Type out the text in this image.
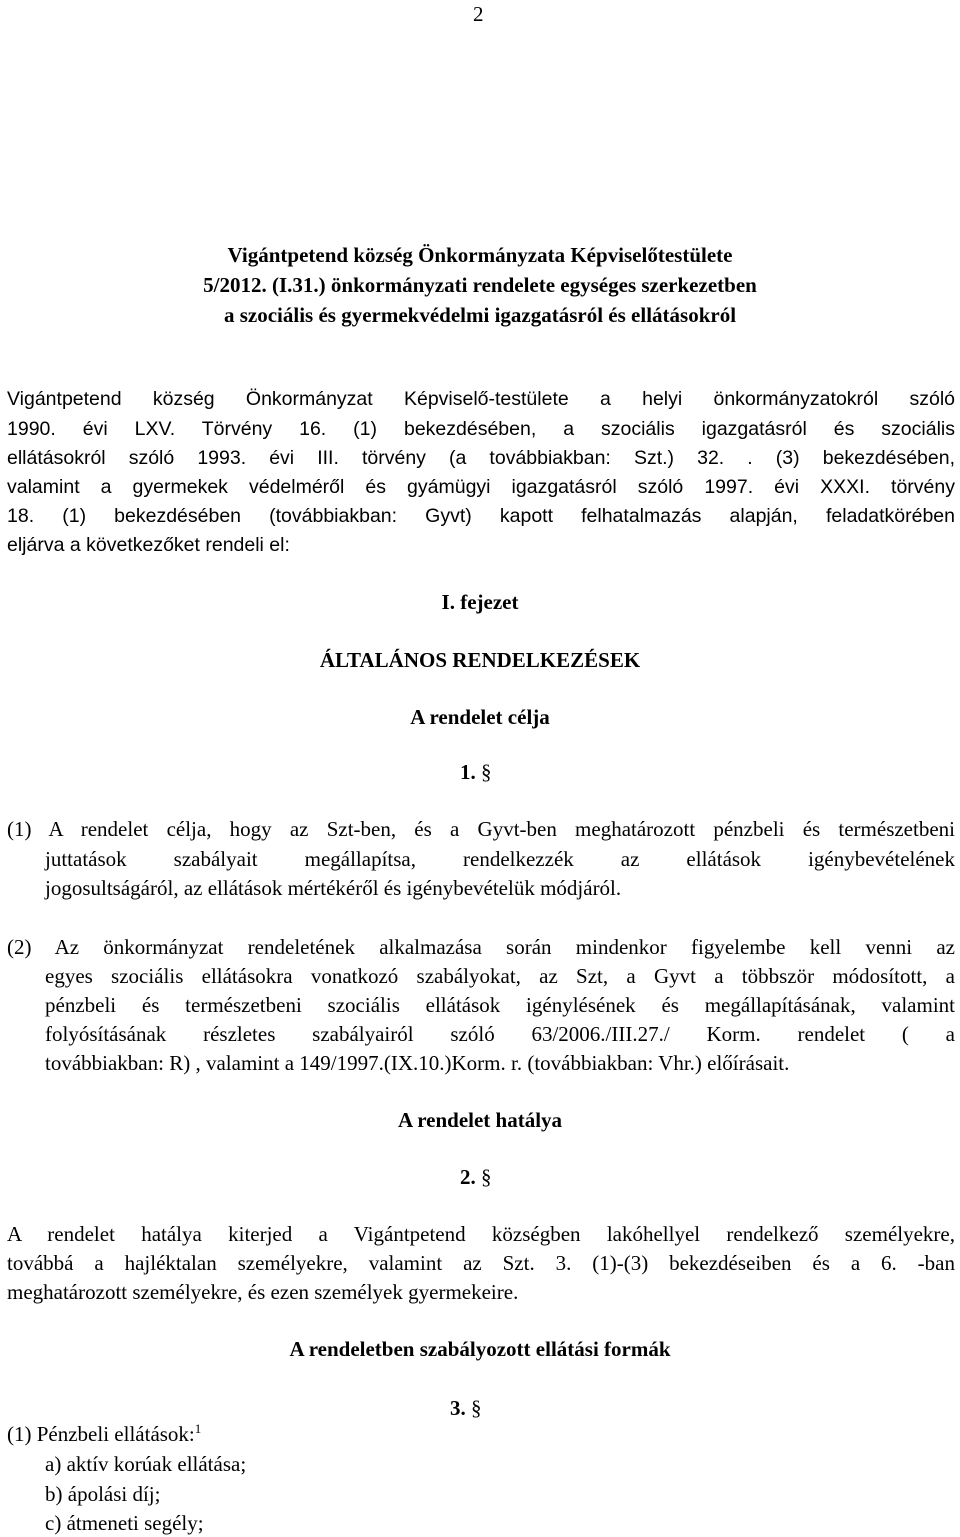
2
Vigántpetend község Önkormányzata Képviselőtestülete
5/2012. (I.31.) önkormányzati rendelete egységes szerkezetben
a szociális és gyermekvédelmi igazgatásról és ellátásokról
Vigántpetend község Önkormányzat Képviselő-testülete a helyi önkormányzatokról szóló
1990. évi LXV. Törvény 16. (1) bekezdésében, a szociális igazgatásról és szociális
ellátásokról szóló 1993. évi III. törvény (a továbbiakban: Szt.) 32. . (3) bekezdésében,
valamint a gyermekek védelméről és gyámügyi igazgatásról szóló 1997. évi XXXI. törvény
18. (1) bekezdésében (továbbiakban: Gyvt) kapott felhatalmazás alapján, feladatkörében
eljárva a következőket rendeli el:
I. fejezet
ÁLTALÁNOS RENDELKEZÉSEK
A rendelet célja
1. §
(1) A rendelet célja, hogy az Szt-ben, és a Gyvt-ben meghatározott pénzbeli és természetbeni
juttatások szabályait megállapítsa, rendelkezzék az ellátások igénybevételének
jogosultságáról, az ellátások mértékéről és igénybevételük módjáról.
(2) Az önkormányzat rendeletének alkalmazása során mindenkor figyelembe kell venni az
egyes szociális ellátásokra vonatkozó szabályokat, az Szt, a Gyvt a többször módosított, a
pénzbeli és természetbeni szociális ellátások igénylésének és megállapításának, valamint
folyósításának részletes szabályairól szóló 63/2006./III.27./ Korm. rendelet ( a
továbbiakban: R) , valamint a 149/1997.(IX.10.)Korm. r. (továbbiakban: Vhr.) előírásait.
A rendelet hatálya
2. §
A rendelet hatálya kiterjed a Vigántpetend községben lakóhellyel rendelkező személyekre,
továbbá a hajléktalan személyekre, valamint az Szt. 3. (1)-(3) bekezdéseiben és a 6. -ban
meghatározott személyekre, és ezen személyek gyermekeire.
A rendeletben szabályozott ellátási formák
3. §
(1) Pénzbeli ellátások:$^1$
a) aktív korúak ellátása;
b) ápolási díj;
c) átmeneti segély;
